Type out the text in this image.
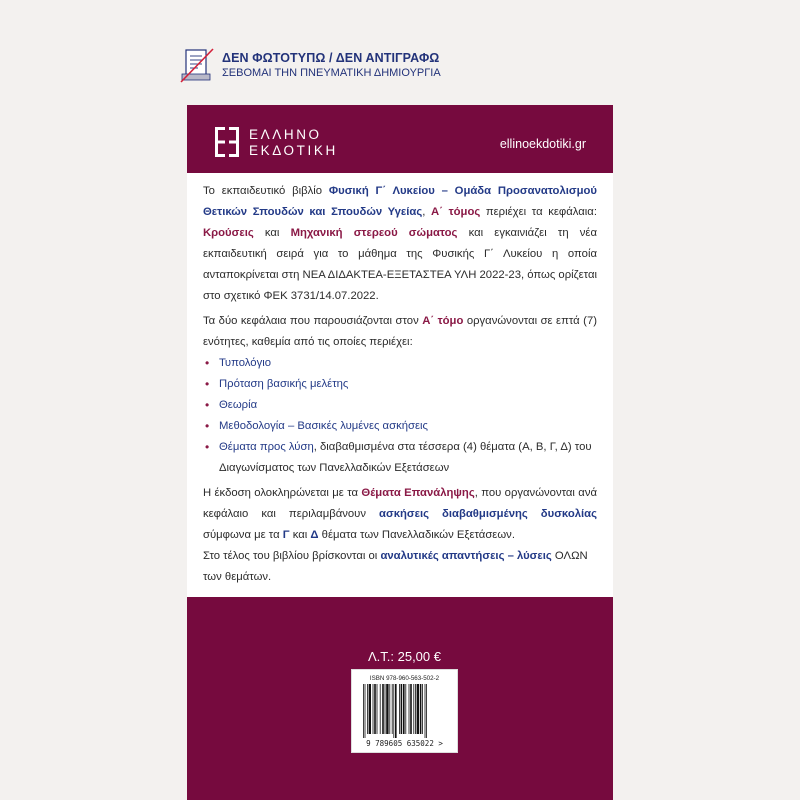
ΔΕΝ ΦΩΤΟΤΥΠΩ / ΔΕΝ ΑΝΤΙΓΡΑΦΩ
ΣΕΒΟΜΑΙ ΤΗΝ ΠΝΕΥΜΑΤΙΚΗ ΔΗΜΙΟΥΡΓΙΑ
ΕΛΛΗΝΟ
ΕΚΔΟΤΙΚΗ	ellinoekdotiki.gr

Το εκπαιδευτικό βιβλίο Φυσική Γ΄ Λυκείου – Ομάδα Προσανατολισμού Θετικών Σπουδών και Σπουδών Υγείας, Α΄ τόμος περιέχει τα κεφάλαια: Κρούσεις και Μηχανική στερεού σώματος και εγκαινιάζει τη νέα εκπαιδευτική σειρά για το μάθημα της Φυσικής Γ΄ Λυκείου η οποία ανταποκρίνεται στη ΝΕΑ ΔΙΔΑΚΤΕΑ-ΕΞΕΤΑΣΤΕΑ ΥΛΗ 2022-23, όπως ορίζεται στο σχετικό ΦΕΚ 3731/14.07.2022.

Τα δύο κεφάλαια που παρουσιάζονται στον Α΄ τόμο οργανώνονται σε επτά (7) ενότητες, καθεμία από τις οποίες περιέχει:

• Τυπολόγιο
• Πρόταση βασικής μελέτης
• Θεωρία
• Μεθοδολογία – Βασικές λυμένες ασκήσεις
• Θέματα προς λύση, διαβαθμισμένα στα τέσσερα (4) θέματα (Α, Β, Γ, Δ) του Διαγωνίσματος των Πανελλαδικών Εξετάσεων

Η έκδοση ολοκληρώνεται με τα Θέματα Επανάληψης, που οργανώνονται ανά κεφάλαιο και περιλαμβάνουν ασκήσεις διαβαθμισμένης δυσκολίας σύμφωνα με τα Γ και Δ θέματα των Πανελλαδικών Εξετάσεων.

Στο τέλος του βιβλίου βρίσκονται οι αναλυτικές απαντήσεις – λύσεις ΟΛΩΝ των θεμάτων.

Λ.Τ.: 25,00 €
ISBN 978-960-563-502-2
9 789605 635022 >
